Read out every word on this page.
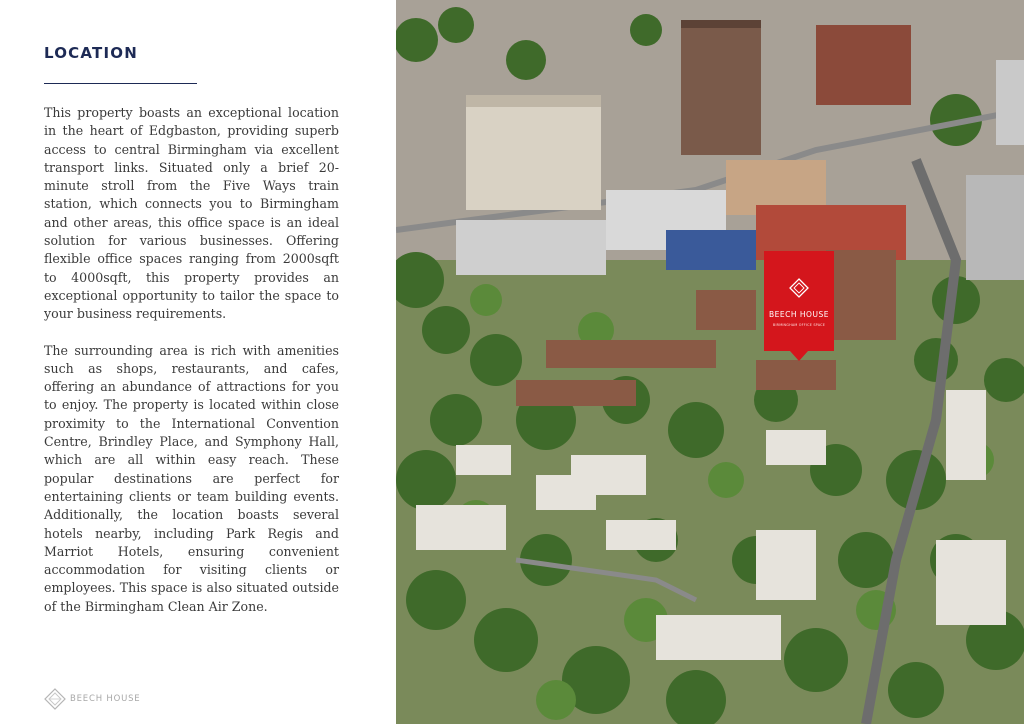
LOCATION

This property boasts an exceptional location in the heart of Edgbaston, providing superb access to central Birmingham via excellent transport links. Situated only a brief 20-minute stroll from the Five Ways train station, which connects you to Birmingham and other areas, this office space is an ideal solution for various businesses. Offering flexible office spaces ranging from 2000sqft to 4000sqft, this property provides an exceptional opportunity to tailor the space to your business requirements.

The surrounding area is rich with amenities such as shops, restaurants, and cafes, offering an abundance of attractions for you to enjoy. The property is located within close proximity to the International Convention Centre, Brindley Place, and Symphony Hall, which are all within easy reach. These popular destinations are perfect for entertaining clients or team building events. Additionally, the location boasts several hotels nearby, including Park Regis and Marriot Hotels, ensuring convenient accommodation for visiting clients or employees. This space is also situated outside of the Birmingham Clean Air Zone.

BEECH HOUSE
BEECH HOUSE
BIRMINGHAM OFFICE SPACE
